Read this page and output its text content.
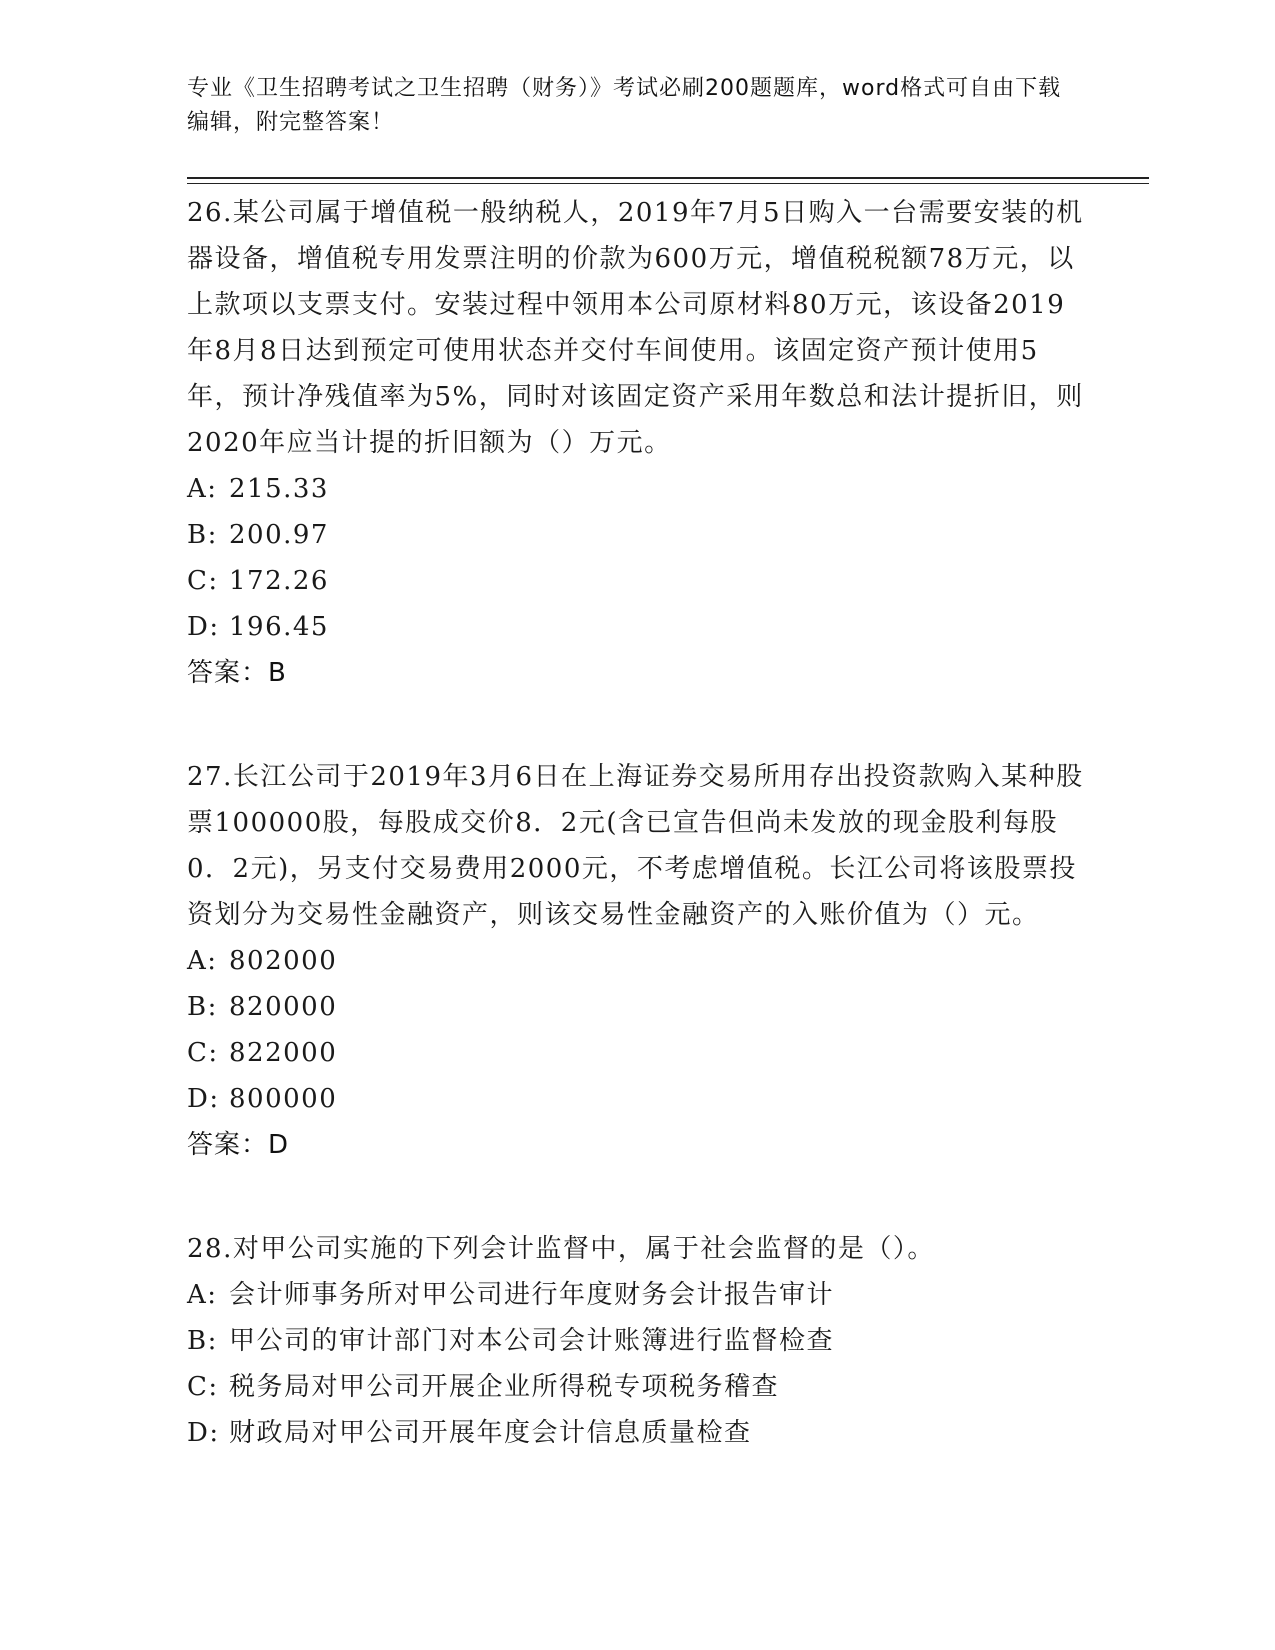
专业《卫生招聘考试之卫生招聘（财务）》考试必刷200题题库，word格式可自由下载编辑，附完整答案！

26.某公司属于增值税一般纳税人，2019年7月5日购入一台需要安装的机器设备，增值税专用发票注明的价款为600万元，增值税税额78万元，以上款项以支票支付。安装过程中领用本公司原材料80万元，该设备2019年8月8日达到预定可使用状态并交付车间使用。该固定资产预计使用5年，预计净残值率为5%，同时对该固定资产采用年数总和法计提折旧，则2020年应当计提的折旧额为（）万元。

A: 215.33

B: 200.97

C: 172.26

D: 196.45

答案：B

27.长江公司于2019年3月6日在上海证券交易所用存出投资款购入某种股票100000股，每股成交价8．2元(含已宣告但尚未发放的现金股利每股0．2元)，另支付交易费用2000元，不考虑增值税。长江公司将该股票投资划分为交易性金融资产，则该交易性金融资产的入账价值为（）元。

A: 802000

B: 820000

C: 822000

D: 800000

答案：D

28.对甲公司实施的下列会计监督中，属于社会监督的是（）。

A: 会计师事务所对甲公司进行年度财务会计报告审计

B: 甲公司的审计部门对本公司会计账簿进行监督检查

C: 税务局对甲公司开展企业所得税专项税务稽查

D: 财政局对甲公司开展年度会计信息质量检查
